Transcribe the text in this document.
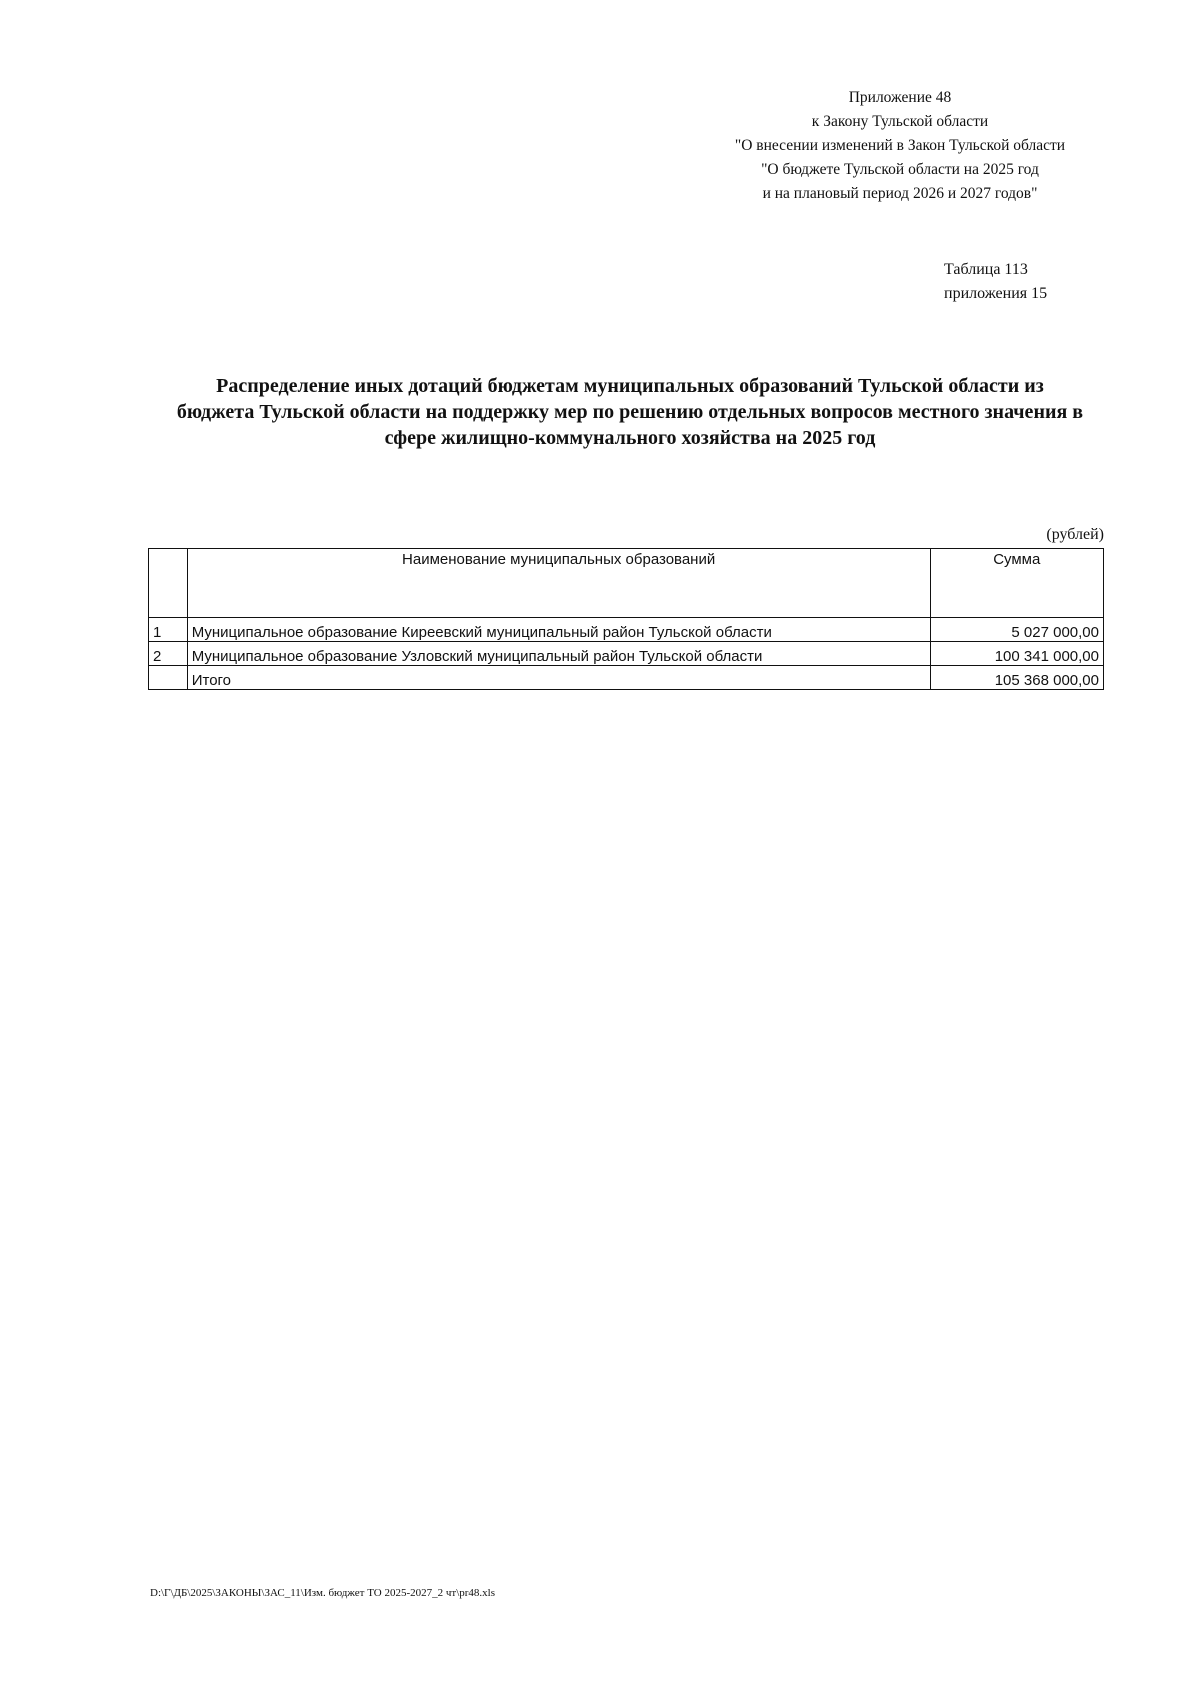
Приложение 48
к Закону Тульской области
"О внесении изменений в Закон Тульской области
"О бюджете Тульской области на 2025 год
и на плановый период 2026 и 2027 годов"
Таблица 113
приложения 15
Распределение иных дотаций бюджетам муниципальных образований Тульской области из
бюджета Тульской области на поддержку мер по решению отдельных вопросов местного значения в
сфере жилищно-коммунального хозяйства на 2025 год
(рублей)
	Наименование муниципальных образований	Сумма
1	Муниципальное образование Киреевский муниципальный район Тульской области	5 027 000,00
2	Муниципальное образование Узловский муниципальный район Тульской области	100 341 000,00
	Итого	105 368 000,00
D:\Г\ДБ\2025\ЗАКОНЫ\ЗАС_11\Изм. бюджет ТО 2025-2027_2 чт\pr48.xls
